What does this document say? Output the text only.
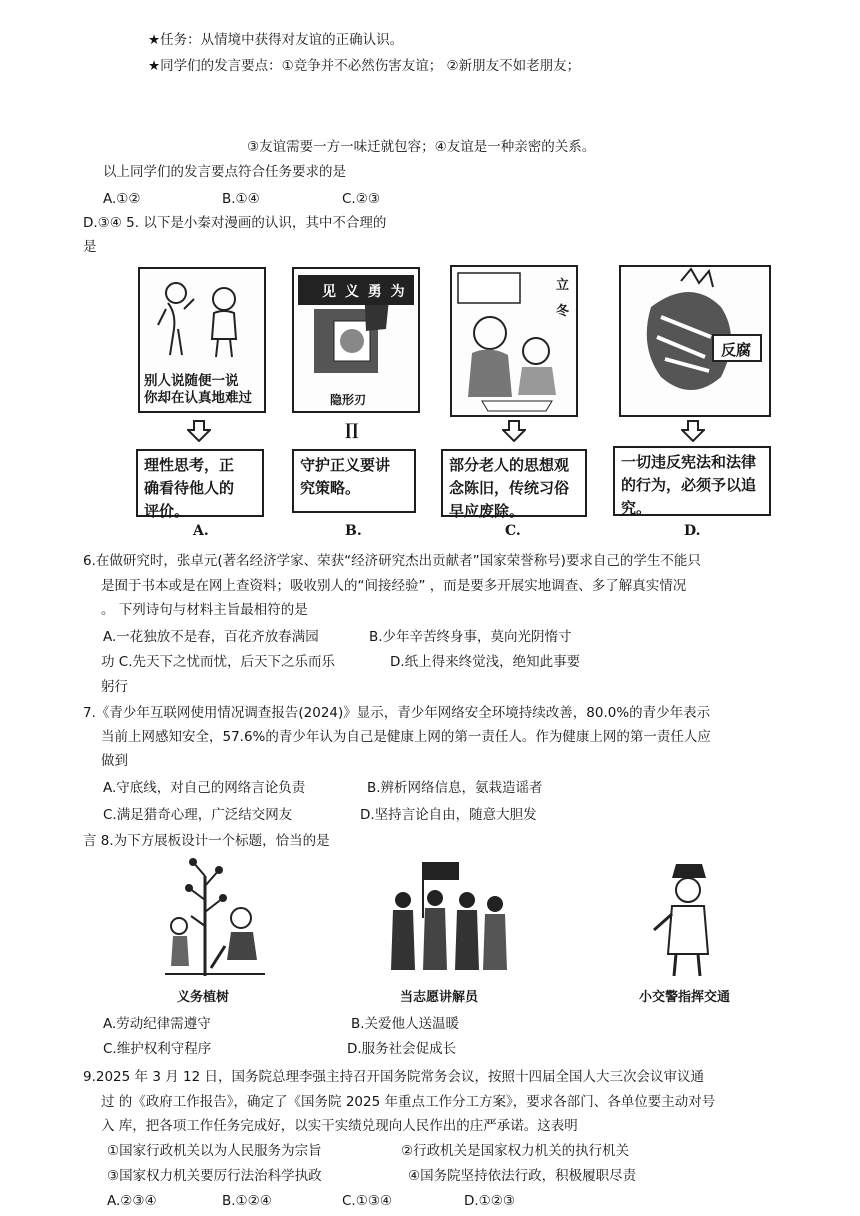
★任务：从情境中获得对友谊的正确认识。
★同学们的发言要点：①竞争并不必然伤害友谊； ②新朋友不如老朋友；
③友谊需要一方一味迁就包容；④友谊是一种亲密的关系。
以上同学们的发言要点符合任务要求的是
A.①②	B.①④	C.②③
D.③④ 5. 以下是小秦对漫画的认识，其中不合理的
是
别人说随便一说
你却在认真地难过
见 义 勇 为
隐形刃
立冬
反腐
∏
理性思考，正
确看待他人的
评价。
守护正义要讲
究策略。
部分老人的思想观
念陈旧，传统习俗
早应废除。
一切违反宪法和法律
的行为，必须予以追
究。
A.	B.	C.	D.
6.在做研究时，张卓元(著名经济学家、荣获“经济研究杰出贡献者”国家荣誉称号)要求自己的学生不能只
是囿于书本或是在网上查资料；吸收别人的“间接经验” ，而是要多开展实地调查、多了解真实情况
。 下列诗句与材料主旨最相符的是
A.一花独放不是春，百花齐放春满园	B.少年辛苦终身事，莫向光阴惰寸
功 C.先天下之忧而忧，后天下之乐而乐	D.纸上得来终觉浅，绝知此事要
躬行
7.《青少年互联网使用情况调查报告(2024)》显示，青少年网络安全环境持续改善，80.0%的青少年表示
当前上网感知安全，57.6%的青少年认为自己是健康上网的第一责任人。作为健康上网的第一责任人应
做到
A.守底线，对自己的网络言论负责	B.辨析网络信息，氨栽造谣者
C.满足猎奇心理，广泛结交网友	D.坚持言论自由，随意大胆发
言 8.为下方展板设计一个标题，恰当的是
义务植树	当志愿讲解员	小交警指挥交通
A.劳动纪律需遵守	B.关爱他人送温暖
C.维护权利守程序	D.服务社会促成长
9.2025 年 3 月 12 日，国务院总理李强主持召开国务院常务会议，按照十四届全国人大三次会议审议通
过 的《政府工作报告》，确定了《国务院 2025 年重点工作分工方案》，要求各部门、各单位要主动对号
入 库，把各项工作任务完成好，以实干实绩兑现向人民作出的庄严承诺。这表明
①国家行政机关以为人民服务为宗旨	②行政机关是国家权力机关的执行机关
③国家权力机关要厉行法治科学执政	④国务院坚持依法行政，积极履职尽责
A.②③④	B.①②④	C.①③④	D.①②③
